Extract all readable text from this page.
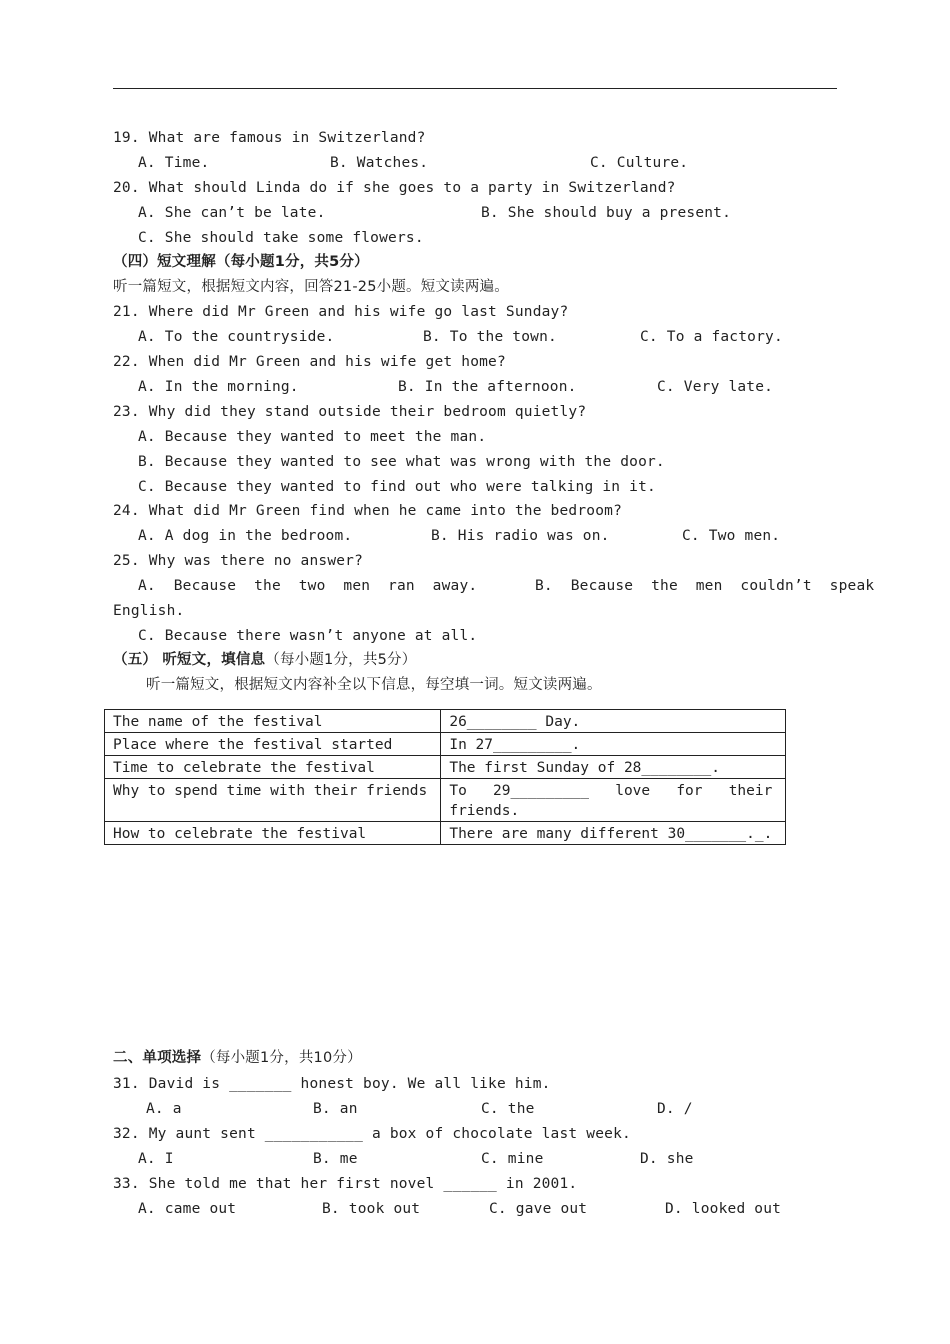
19. What are famous in Switzerland?
A. Time.	B. Watches.	C. Culture.
20. What should Linda do if she goes to a party in Switzerland?
A. She can’t be late.	B. She should buy a present.
C. She should take some flowers.
（四）短文理解（每小题1分，共5分）
听一篇短文，根据短文内容，回答21-25小题。短文读两遍。
21. Where did Mr Green and his wife go last Sunday?
A. To the countryside.	B. To the town.	C. To a factory.
22. When did Mr Green and his wife get home?
A. In the morning.	B. In the afternoon.	C. Very late.
23. Why did they stand outside their bedroom quietly?
A. Because they wanted to meet the man.
B. Because they wanted to see what was wrong with the door.
C. Because they wanted to find out who were talking in it.
24. What did Mr Green find when he came into the bedroom?
A. A dog in the bedroom.	B. His radio was on.	C. Two men.
25. Why was there no answer?
A.  Because  the  two  men  ran  away.	B.  Because  the  men  couldn’t  speak
English.
C. Because there wasn’t anyone at all.
（五） 听短文，填信息（每小题1分，共5分）
听一篇短文，根据短文内容补全以下信息，每空填一词。短文读两遍。
The name of the festival	26________ Day.
Place where the festival started	In 27_________.
Time to celebrate the festival	The first Sunday of 28________.
Why to spend time with their friends	To   29_________   love   for   their
friends.
How to celebrate the festival	There are many different 30_______._.
二、单项选择（每小题1分，共10分）
31. David is _______ honest boy. We all like him.
A. a	B. an	C. the	D. /
32. My aunt sent ___________ a box of chocolate last week.
A. I	B. me	C. mine	D. she
33. She told me that her first novel ______ in 2001.
A. came out	B. took out	C. gave out	D. looked out
